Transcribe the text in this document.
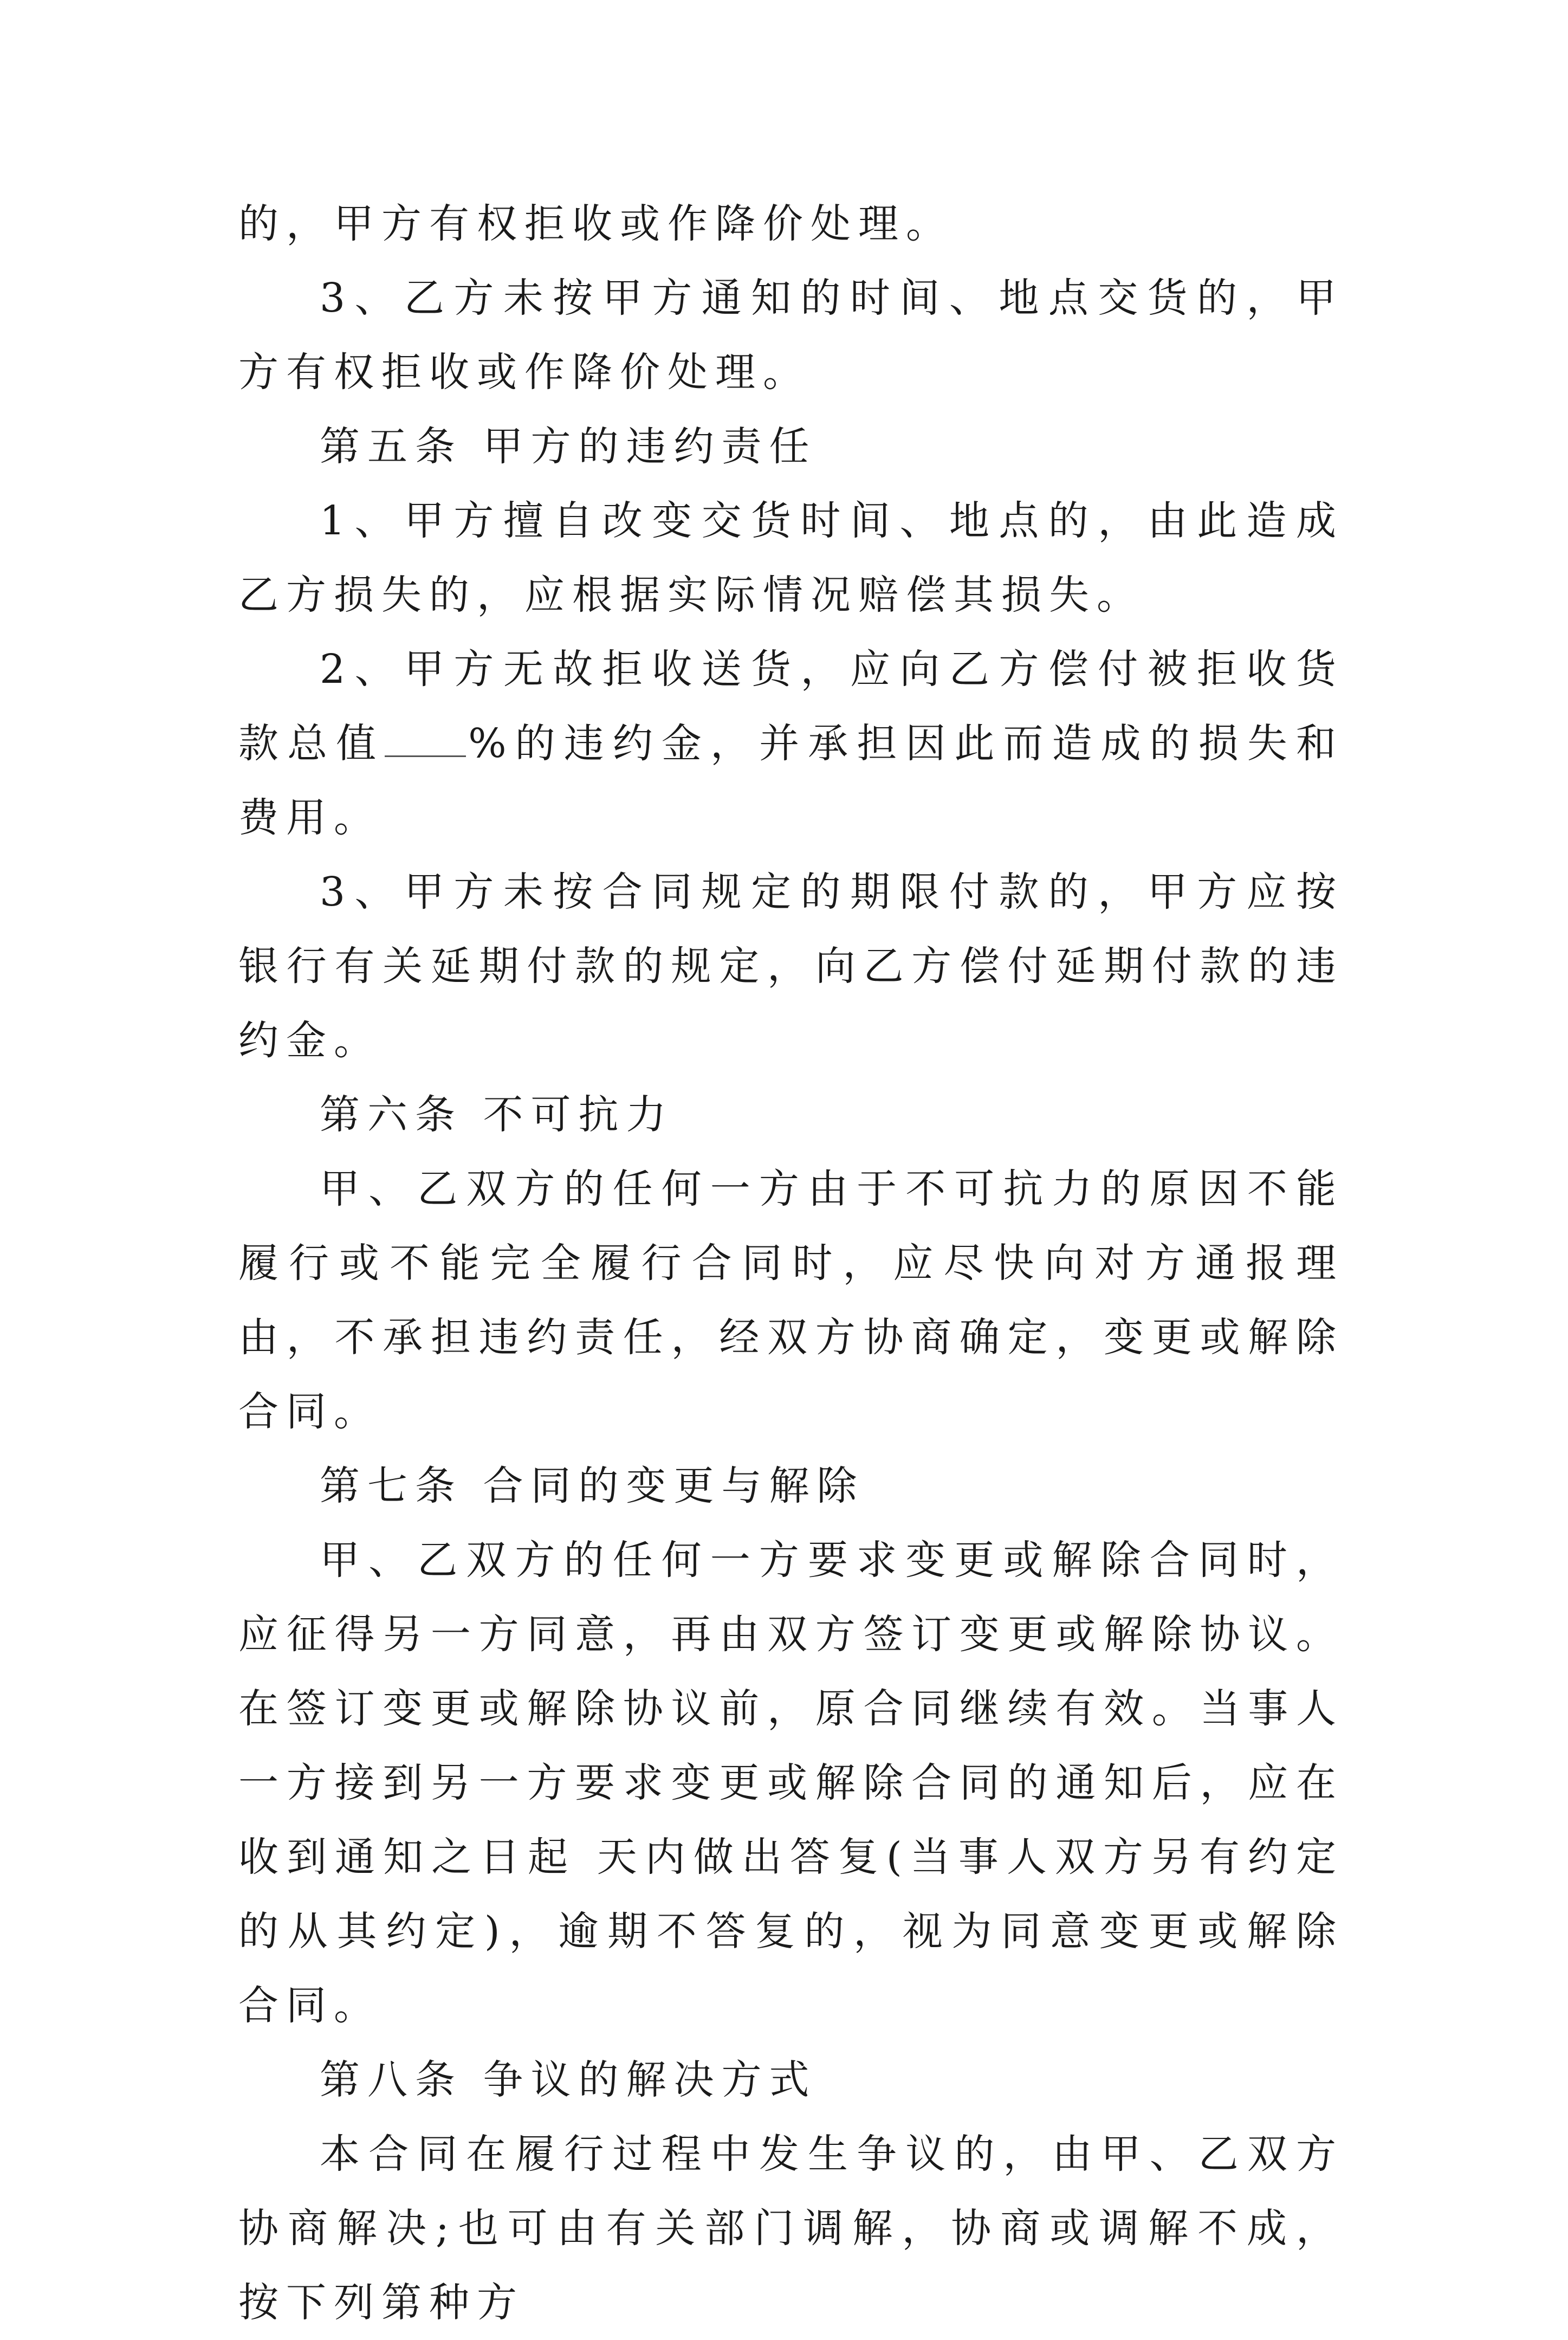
的，甲方有权拒收或作降价处理。

3、乙方未按甲方通知的时间、地点交货的，甲方有权拒收或作降价处理。

第五条 甲方的违约责任

1、甲方擅自改变交货时间、地点的，由此造成乙方损失的，应根据实际情况赔偿其损失。

2、甲方无故拒收送货，应向乙方偿付被拒收货款总值 %的违约金，并承担因此而造成的损失和费用。

3、甲方未按合同规定的期限付款的，甲方应按银行有关延期付款的规定，向乙方偿付延期付款的违约金。

第六条 不可抗力

甲、乙双方的任何一方由于不可抗力的原因不能履行或不能完全履行合同时，应尽快向对方通报理由，不承担违约责任，经双方协商确定，变更或解除合同。

第七条 合同的变更与解除

甲、乙双方的任何一方要求变更或解除合同时，应征得另一方同意，再由双方签订变更或解除协议。在签订变更或解除协议前，原合同继续有效。当事人一方接到另一方要求变更或解除合同的通知后，应在收到通知之日起 天内做出答复(当事人双方另有约定的从其约定)，逾期不答复的，视为同意变更或解除合同。

第八条 争议的解决方式

本合同在履行过程中发生争议的，由甲、乙双方协商解决;也可由有关部门调解，协商或调解不成，按下列第种方
